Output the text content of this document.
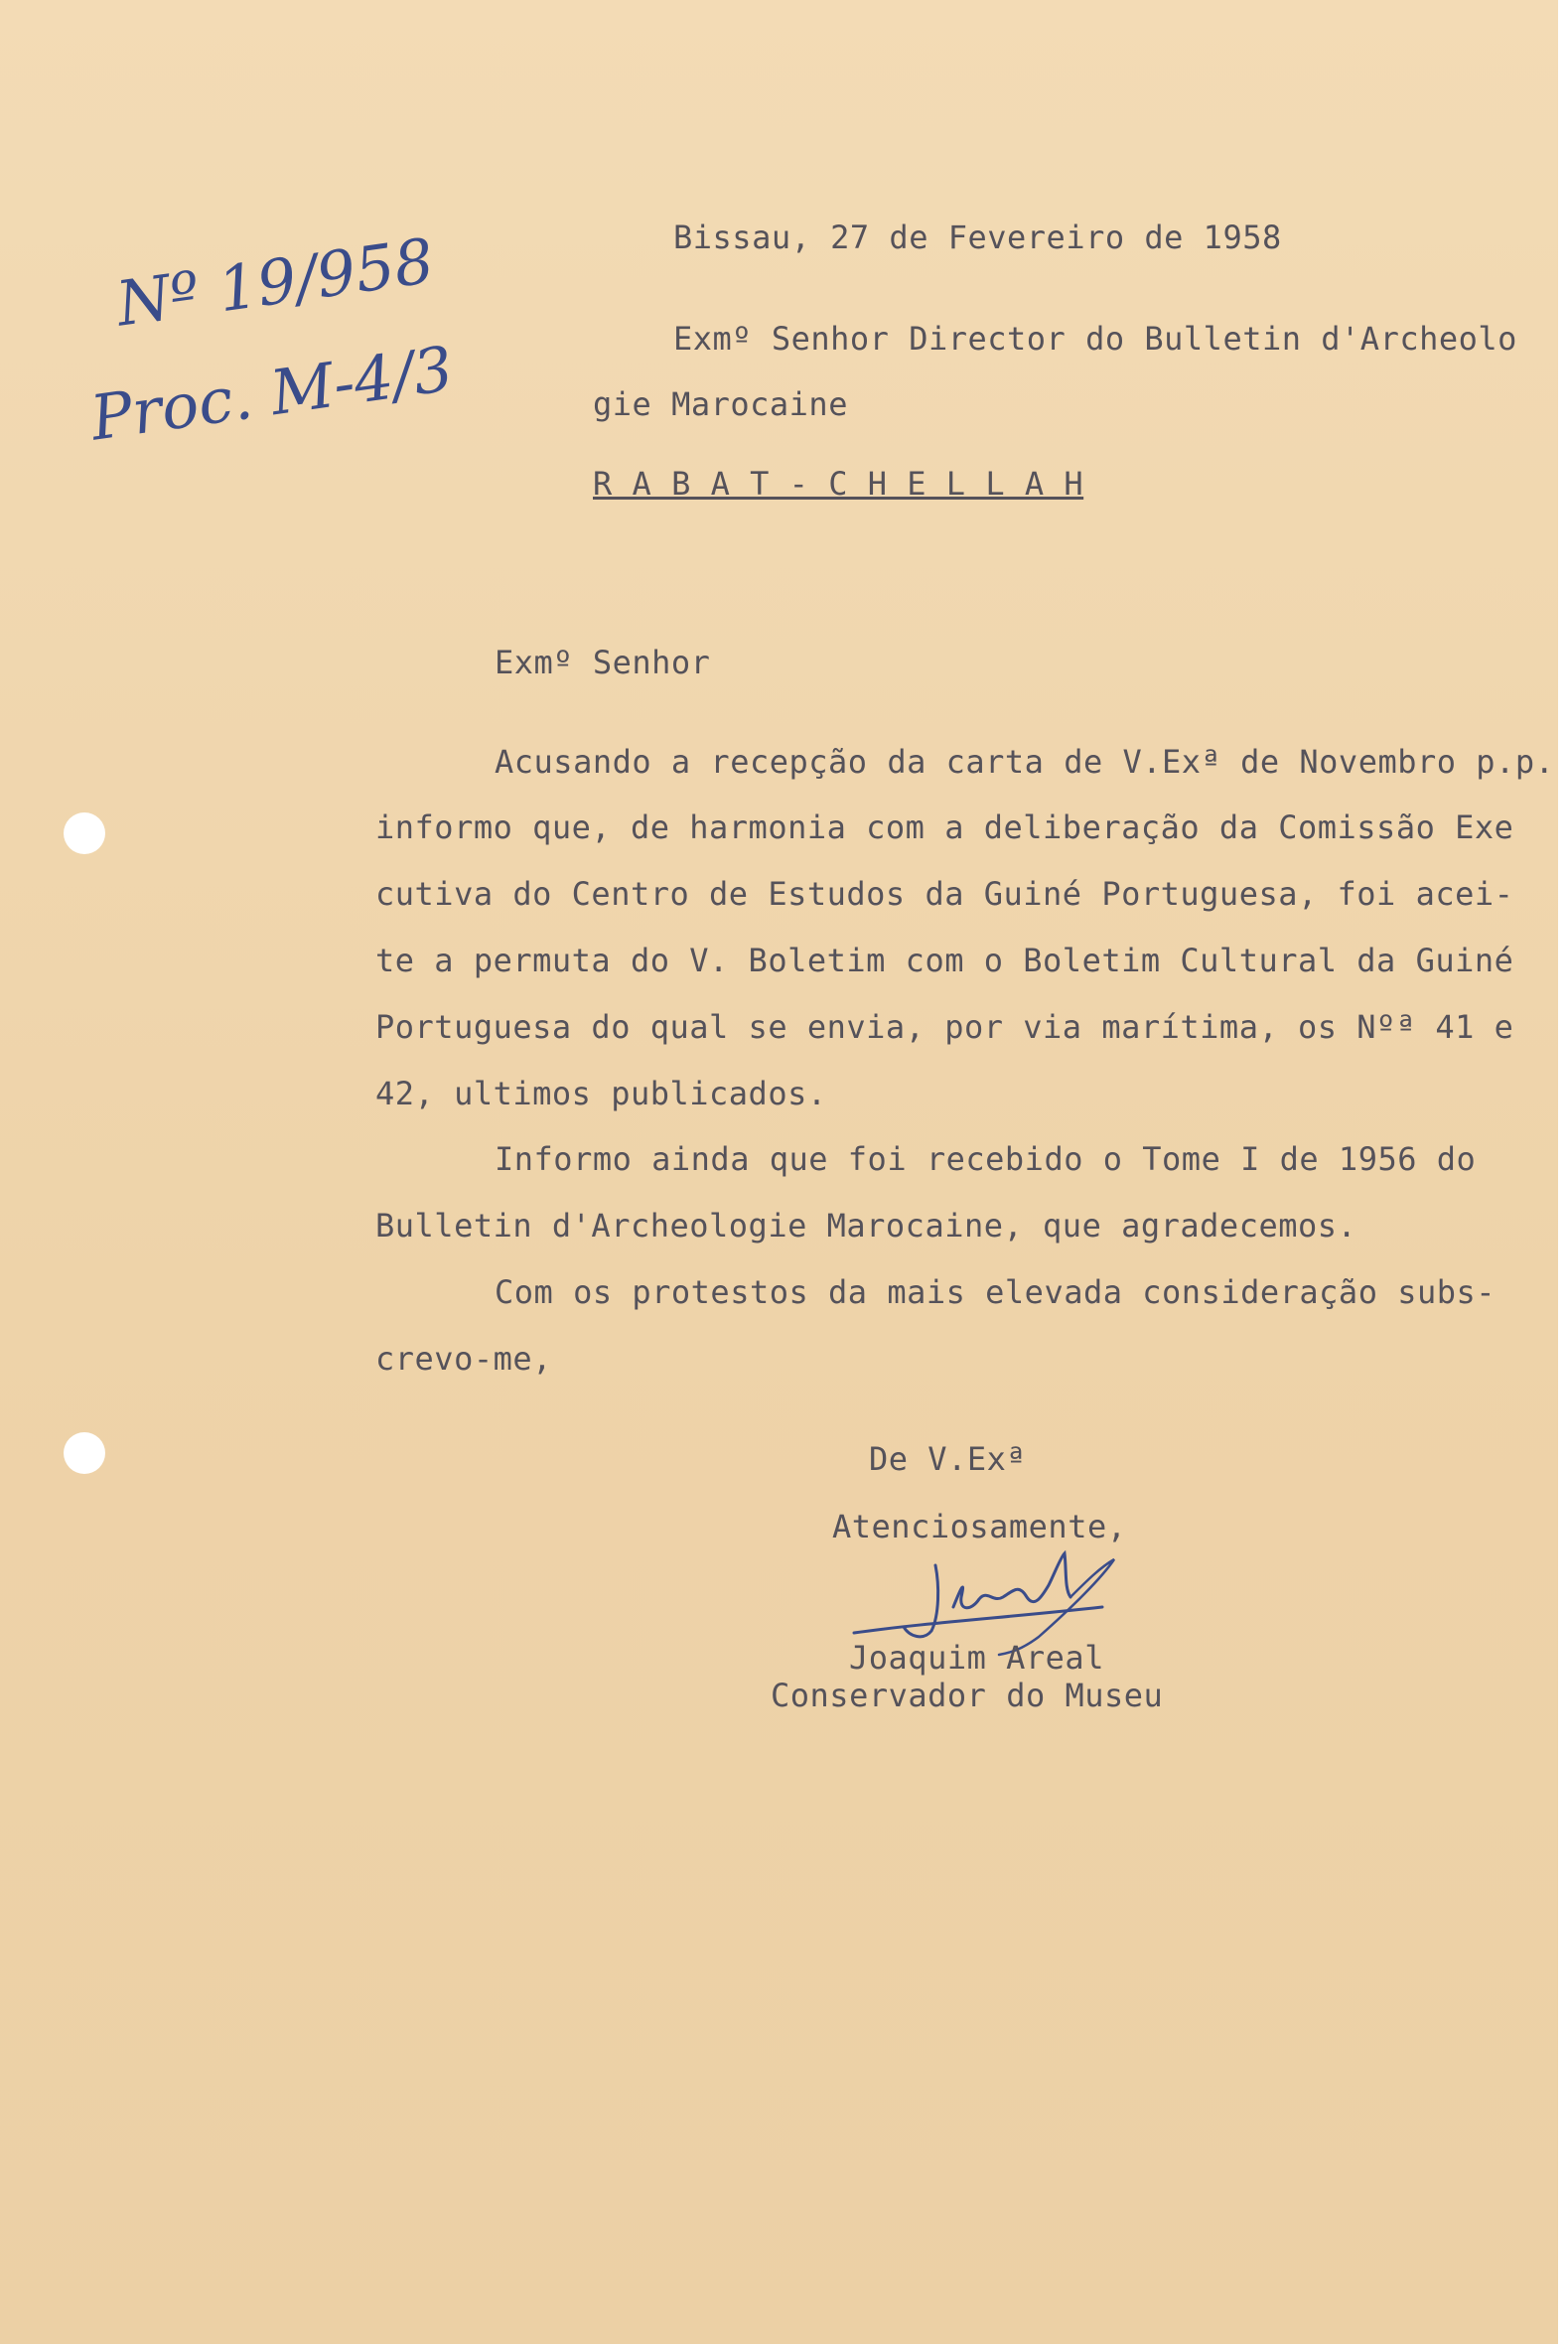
Nº 19/958

Proc. M-4/3

Bissau, 27 de Fevereiro de 1958

Exmº Senhor Director do Bulletin d'Archeolo

gie Marocaine

R A B A T - C H E L L A H

Exmº Senhor

Acusando a recepção da carta de V.Exª de Novembro p.p.

informo que, de harmonia com a deliberação da Comissão Exe

cutiva do Centro de Estudos da Guiné Portuguesa, foi acei-

te a permuta do V. Boletim com o Boletim Cultural da Guiné

Portuguesa do qual se envia, por via marítima, os Nºª 41 e

42, ultimos publicados.

Informo ainda que foi recebido o Tome I de 1956 do

Bulletin d'Archeologie Marocaine, que agradecemos.

Com os protestos da mais elevada consideração subs-

crevo-me,

De V.Exª

Atenciosamente,

Joaquim Areal

Conservador do Museu
